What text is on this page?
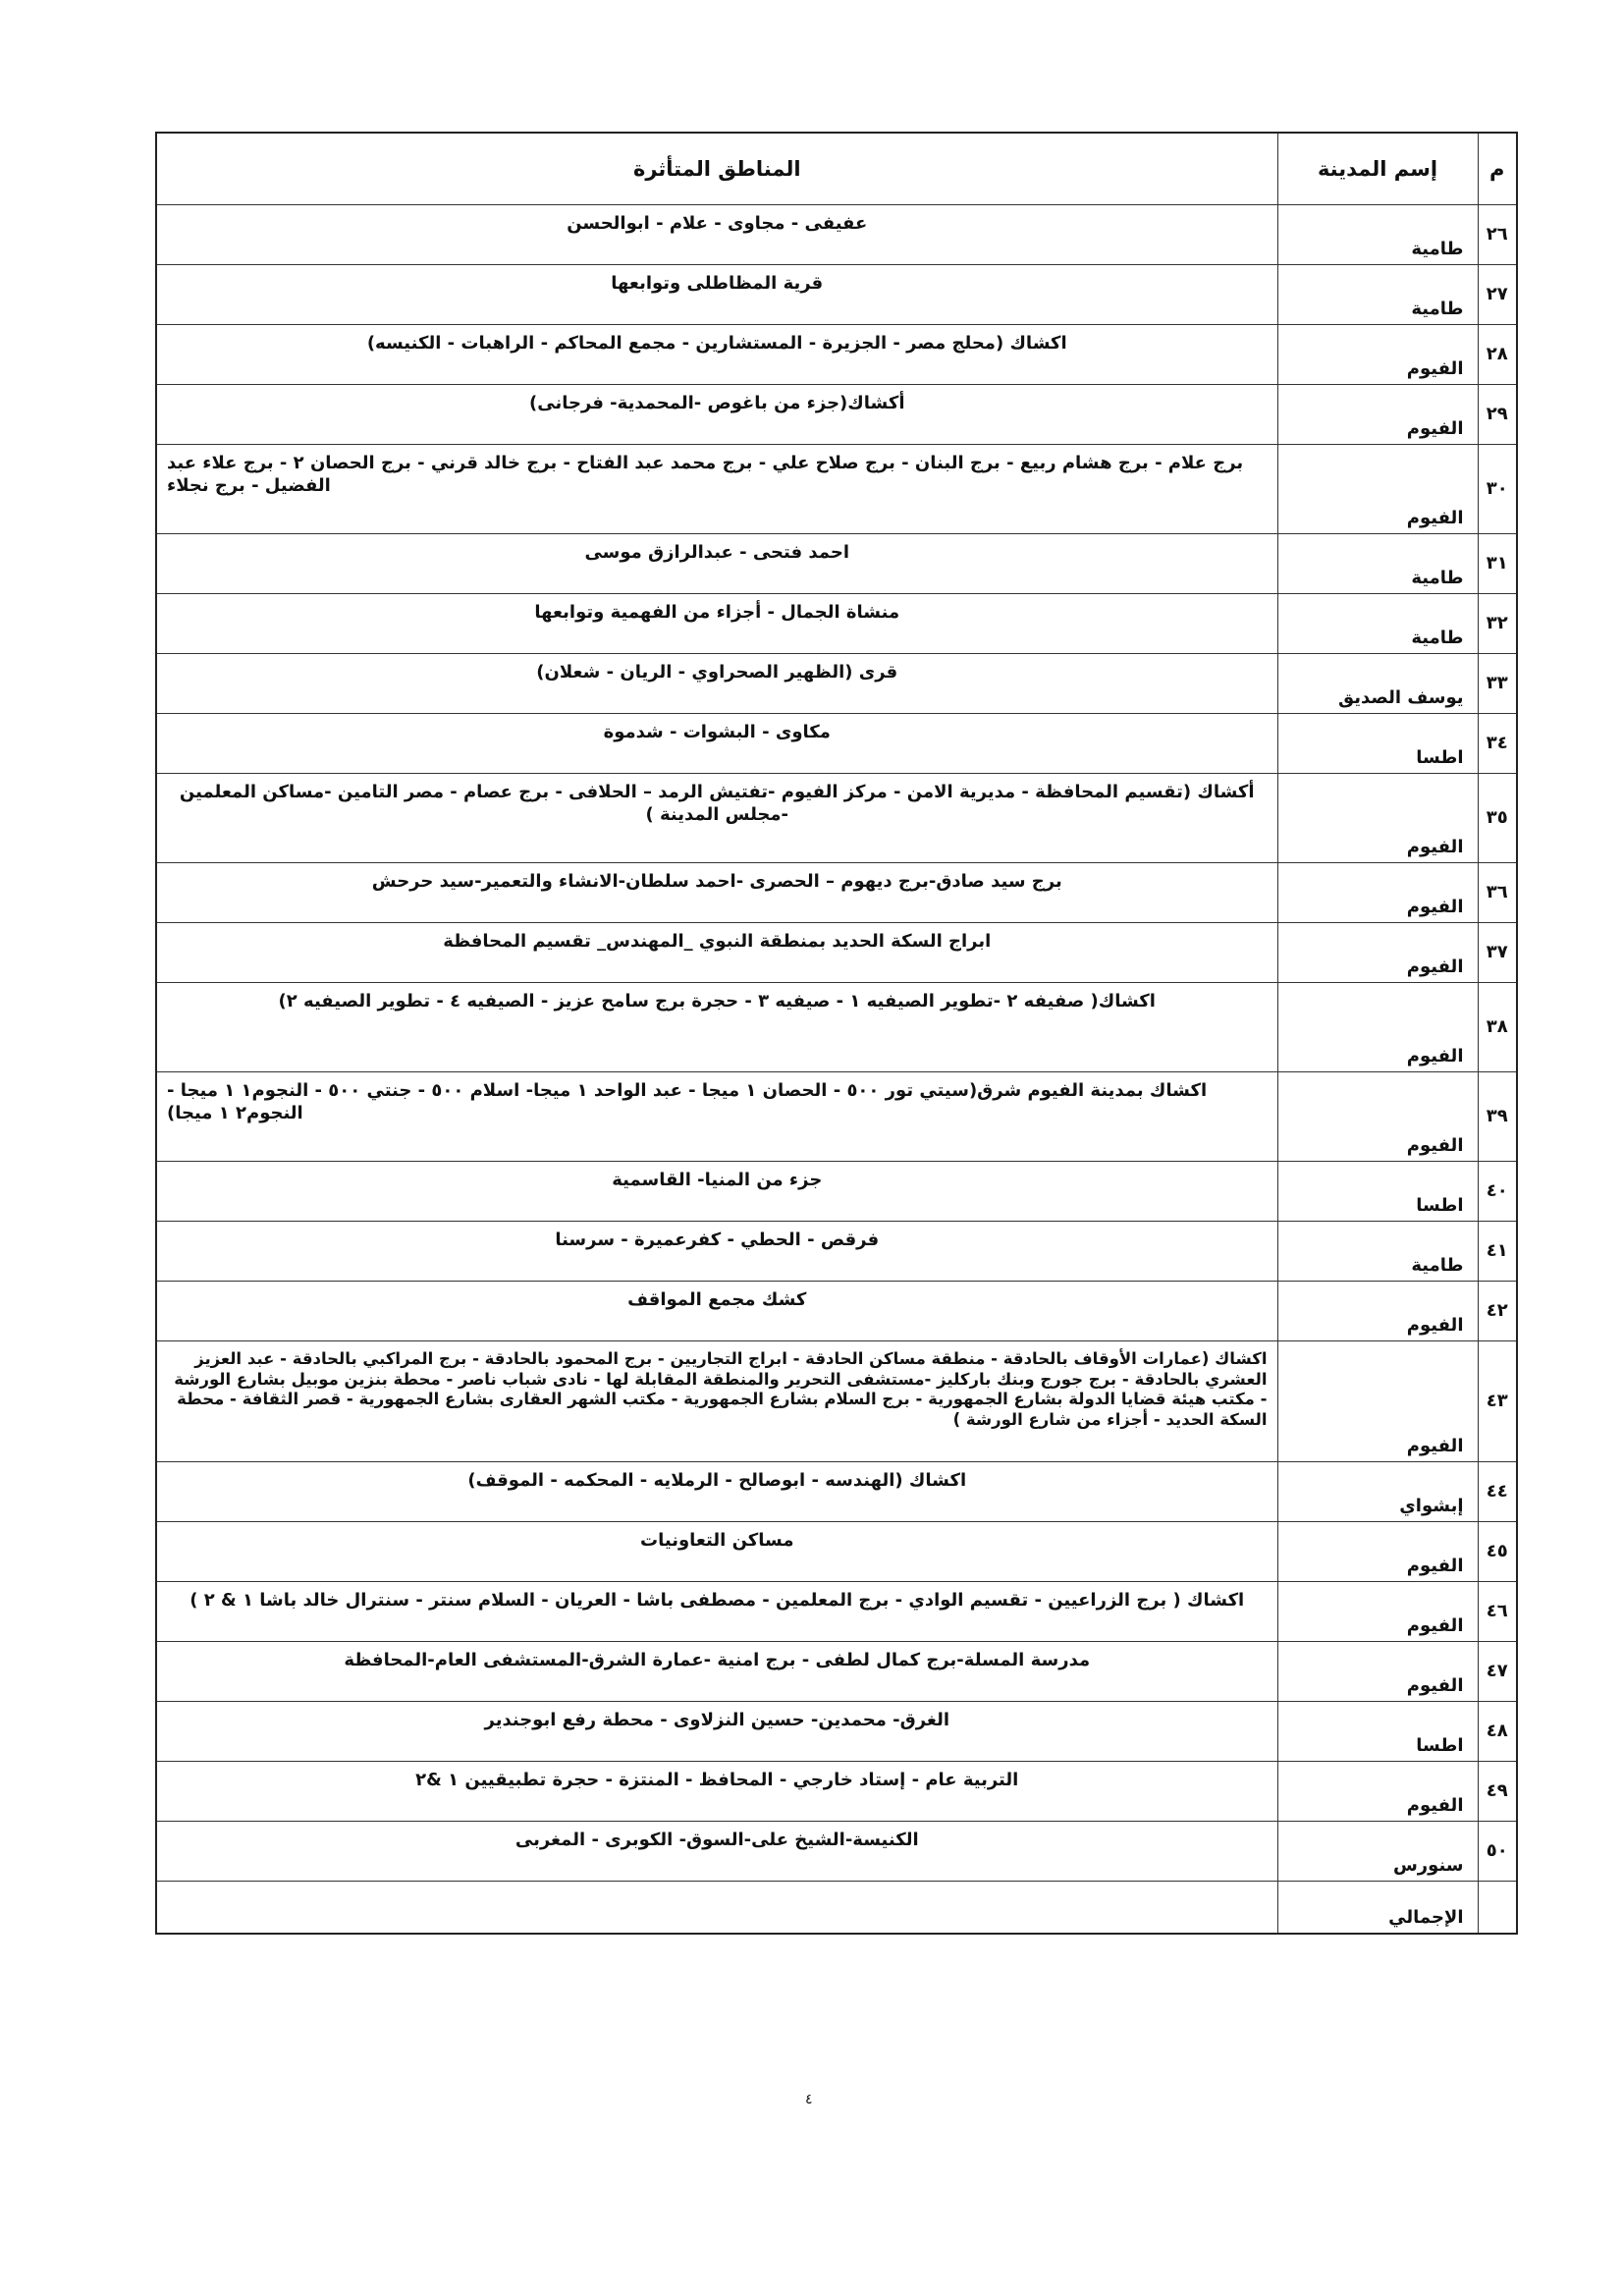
م	إسم المدينة	المناطق المتأثرة
٢٦	طامية	عفيفى - مجاوى - علام - ابوالحسن
٢٧	طامية	قرية المظاطلى وتوابعها
٢٨	الفيوم	اكشاك (محلج مصر - الجزيرة - المستشارين - مجمع المحاكم - الراهبات - الكنيسه)
٢٩	الفيوم	أكشاك(جزء من باغوص -المحمدية- فرجانى)
٣٠	الفيوم	برج علام - برج هشام ربيع - برج البنان - برج صلاح علي - برج محمد عبد الفتاح - برج خالد قرني - برج الحصان ٢ - برج علاء عبد الفضيل - برج نجلاء
٣١	طامية	احمد فتحى - عبدالرازق موسى
٣٢	طامية	منشاة الجمال - أجزاء من الفهمية وتوابعها
٣٣	يوسف الصديق	قرى (الظهير الصحراوي - الريان - شعلان)
٣٤	اطسا	مكاوى - البشوات - شدموة
٣٥	الفيوم	أكشاك (تقسيم المحافظة - مديرية الامن - مركز الفيوم -تفتيش الرمد – الحلافى - برج عصام - مصر التامين -مساكن المعلمين -مجلس المدينة )
٣٦	الفيوم	برج سيد صادق-برج ديهوم – الحصرى -احمد سلطان-الانشاء والتعمير-سيد حرحش
٣٧	الفيوم	ابراج السكة الحديد بمنطقة النبوي _المهندس_ تقسيم المحافظة
٣٨	الفيوم	اكشاك( صفيفه ٢ -تطوير الصيفيه ١ - صيفيه ٣ - حجرة برج سامح عزيز - الصيفيه ٤ - تطوير الصيفيه ٢)
٣٩	الفيوم	اكشاك بمدينة الفيوم شرق(سيتي تور ٥٠٠ - الحصان ١ ميجا - عبد الواحد ١ ميجا- اسلام ٥٠٠ - جنتي ٥٠٠ - النجوم١ ١ ميجا - النجوم٢ ١ ميجا)
٤٠	اطسا	جزء من المنيا- القاسمية
٤١	طامية	فرقص - الحطي - كفرعميرة - سرسنا
٤٢	الفيوم	كشك مجمع المواقف
٤٣	الفيوم	اكشاك (عمارات الأوقاف بالحادقة - منطقة مساكن الحادقة - ابراج التجاريين - برج المحمود بالحادقة - برج المراكبي بالحادقة - عبد العزيز العشري بالحادقة - برج جورج وبنك باركليز -مستشفى التحرير والمنطقة المقابلة لها - نادى شباب ناصر - محطة بنزين موبيل بشارع الورشة - مكتب هيئة قضايا الدولة بشارع الجمهورية - برج السلام بشارع الجمهورية - مكتب الشهر العقارى بشارع الجمهورية - قصر الثقافة - محطة السكة الحديد - أجزاء من شارع الورشة )
٤٤	إبشواي	اكشاك (الهندسه - ابوصالح - الرملايه - المحكمه - الموقف)
٤٥	الفيوم	مساكن التعاونيات
٤٦	الفيوم	اكشاك ( برج الزراعيين - تقسيم الوادي - برج المعلمين - مصطفى باشا - العريان - السلام سنتر - سنترال خالد باشا ١ & ٢ )
٤٧	الفيوم	مدرسة المسلة-برج كمال لطفى - برج امنية -عمارة الشرق-المستشفى العام-المحافظة
٤٨	اطسا	الغرق- محمدين- حسين النزلاوى - محطة رفع ابوجندير
٤٩	الفيوم	التربية عام - إستاد خارجي - المحافظ - المنتزة - حجرة تطبيقيين ١ &٢
٥٠	سنورس	الكنيسة-الشيخ على-السوق- الكوبرى - المغربى
	الإجمالي	
٤
